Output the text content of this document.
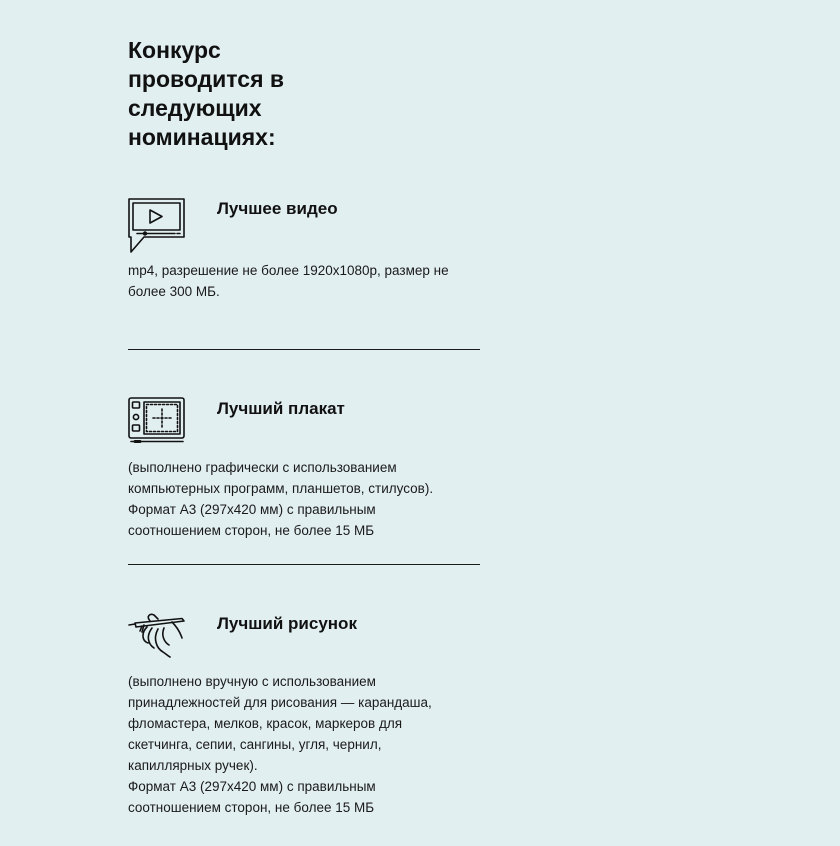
Конкурс
проводится в
следующих
номинациях:
Лучшее видео
mp4, разрешение не более 1920x1080p, размер не
более 300 МБ.
Лучший плакат
(выполнено графически с использованием
компьютерных программ, планшетов, стилусов).
Формат А3 (297х420 мм) с правильным
соотношением сторон, не более 15 МБ
Лучший рисунок
(выполнено вручную с использованием
принадлежностей для рисования — карандаша,
фломастера, мелков, красок, маркеров для
скетчинга, сепии, сангины, угля, чернил,
капиллярных ручек).
Формат А3 (297х420 мм) с правильным
соотношением сторон, не более 15 МБ
